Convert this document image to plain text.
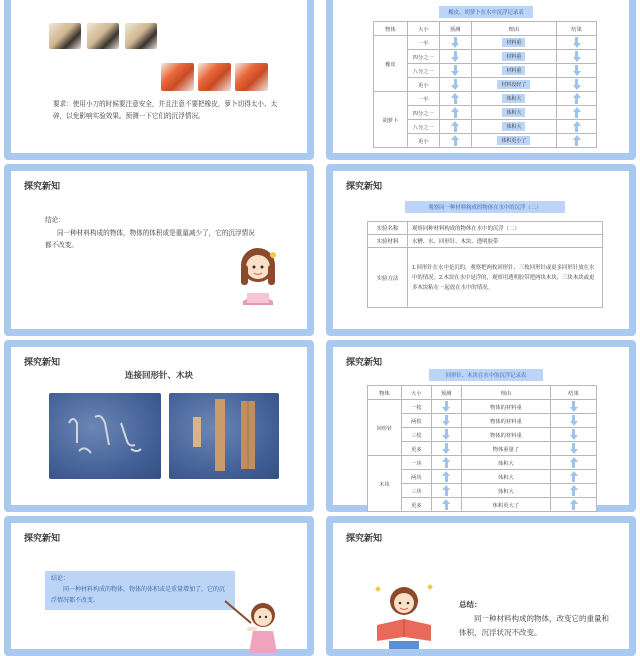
要求：使用小刀的时候要注意安全，并且注意不要把橡皮，萝卜切得太小、太碎，以免影响实验效果。预测一下它们的沉浮情况。
橡皮、胡萝卜在水中沉浮记录表
物体	大小	预测	理由	结果
橡皮	一半		材料重	
	四分之一		材料重	
	八分之一		材料重	
	更小		材料没轻了	
胡萝卜	一半		体积大	
	四分之一		体积大	
	八分之一		体积大	
	更小		体积更小了	
探究新知
结论：
同一种材料构成的物体，物体的体积或是重量减少了，它的沉浮情况都不改变。
探究新知
观察同一种材料构成的物体在水中的沉浮（二）
实验名称	观察同种材料构成的物体在水中的沉浮（二）
实验材料	水槽、水、回形针、木块、透明胶带
实验方法	1.回形针在水中是沉的，观察把两枚回形针、三枚回形针或更多回形针放在水中的情况。2.木块在水中是浮的，观察用透明胶带把两块木块、三块木块或更多木块粘在一起放在水中的情况。
探究新知
连接回形针、木块
探究新知
回形针、木块在水中的沉浮记录表
物体	大小	预测	理由	结果
回形针	一枚		物体的材料重	
	两枚		物体的材料重	
	三枚		物体的材料重	
	更多		物体重量了	
木块	一块		体积大	
	两块		体积大	
	三块		体积大	
	更多		体积更大了	
探究新知
结论：
同一种材料构成的物体，物体的体积或是重量增加了，它的沉浮情况都不改变。
探究新知
总结：
同一种材料构成的物体，改变它的重量和体积，沉浮状况不改变。
